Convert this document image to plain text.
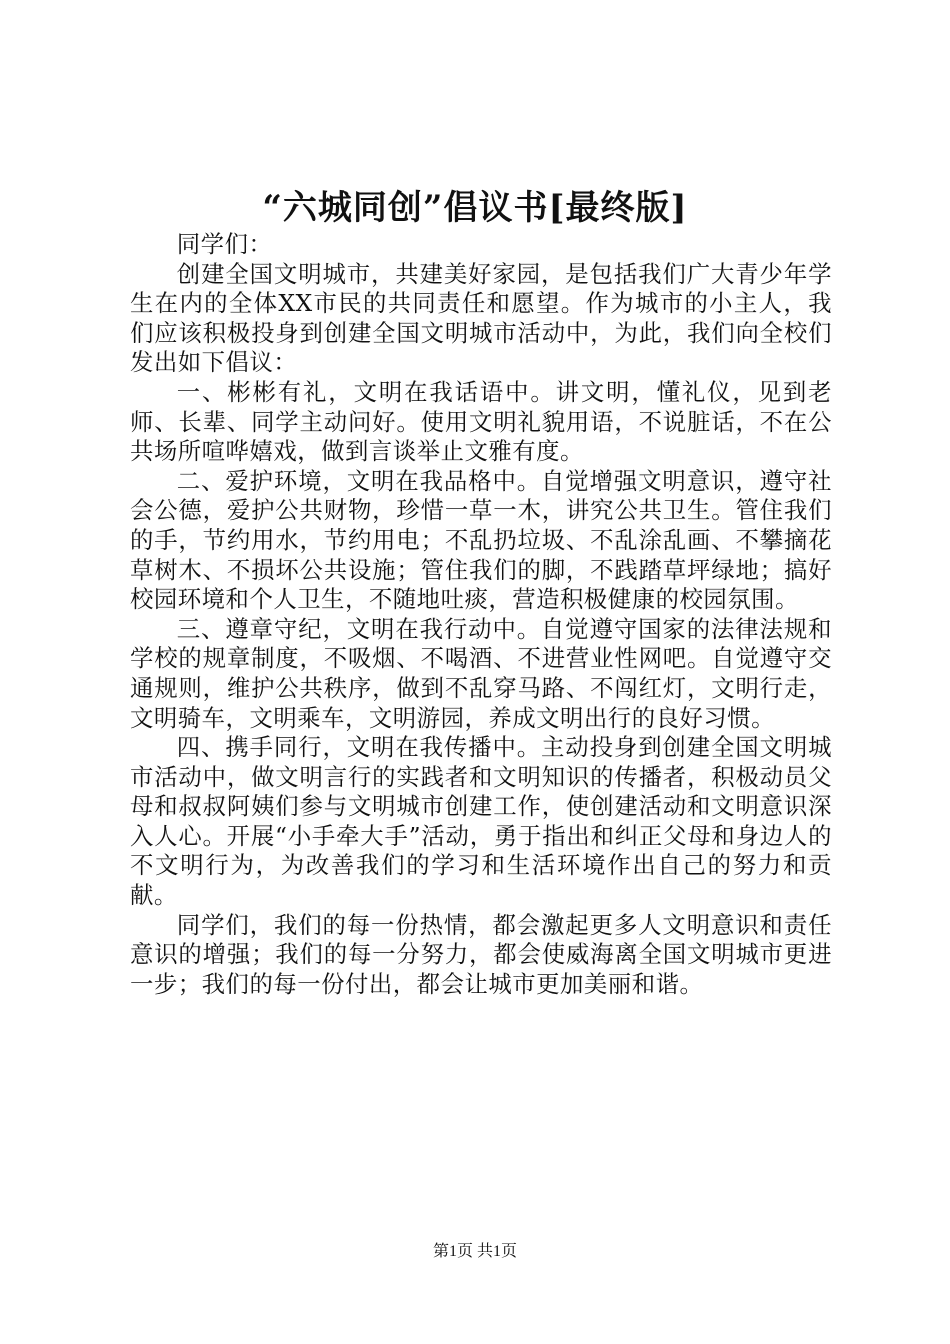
“六城同创”倡议书[最终版]

同学们：

创建全国文明城市，共建美好家园，是包括我们广大青少年学生在内的全体XX市民的共同责任和愿望。作为城市的小主人，我们应该积极投身到创建全国文明城市活动中，为此，我们向全校们发出如下倡议：

一、彬彬有礼，文明在我话语中。讲文明，懂礼仪，见到老师、长辈、同学主动问好。使用文明礼貌用语，不说脏话，不在公共场所喧哗嬉戏，做到言谈举止文雅有度。

二、爱护环境，文明在我品格中。自觉增强文明意识，遵守社会公德，爱护公共财物，珍惜一草一木，讲究公共卫生。管住我们的手，节约用水，节约用电；不乱扔垃圾、不乱涂乱画、不攀摘花草树木、不损坏公共设施；管住我们的脚，不践踏草坪绿地；搞好校园环境和个人卫生，不随地吐痰，营造积极健康的校园氛围。

三、遵章守纪，文明在我行动中。自觉遵守国家的法律法规和学校的规章制度，不吸烟、不喝酒、不进营业性网吧。自觉遵守交通规则，维护公共秩序，做到不乱穿马路、不闯红灯，文明行走，文明骑车，文明乘车，文明游园，养成文明出行的良好习惯。

四、携手同行，文明在我传播中。主动投身到创建全国文明城市活动中，做文明言行的实践者和文明知识的传播者，积极动员父母和叔叔阿姨们参与文明城市创建工作，使创建活动和文明意识深入人心。开展“小手牵大手”活动，勇于指出和纠正父母和身边人的不文明行为，为改善我们的学习和生活环境作出自己的努力和贡献。

同学们，我们的每一份热情，都会激起更多人文明意识和责任意识的增强；我们的每一分努力，都会使威海离全国文明城市更进一步；我们的每一份付出，都会让城市更加美丽和谐。

第1页 共1页
